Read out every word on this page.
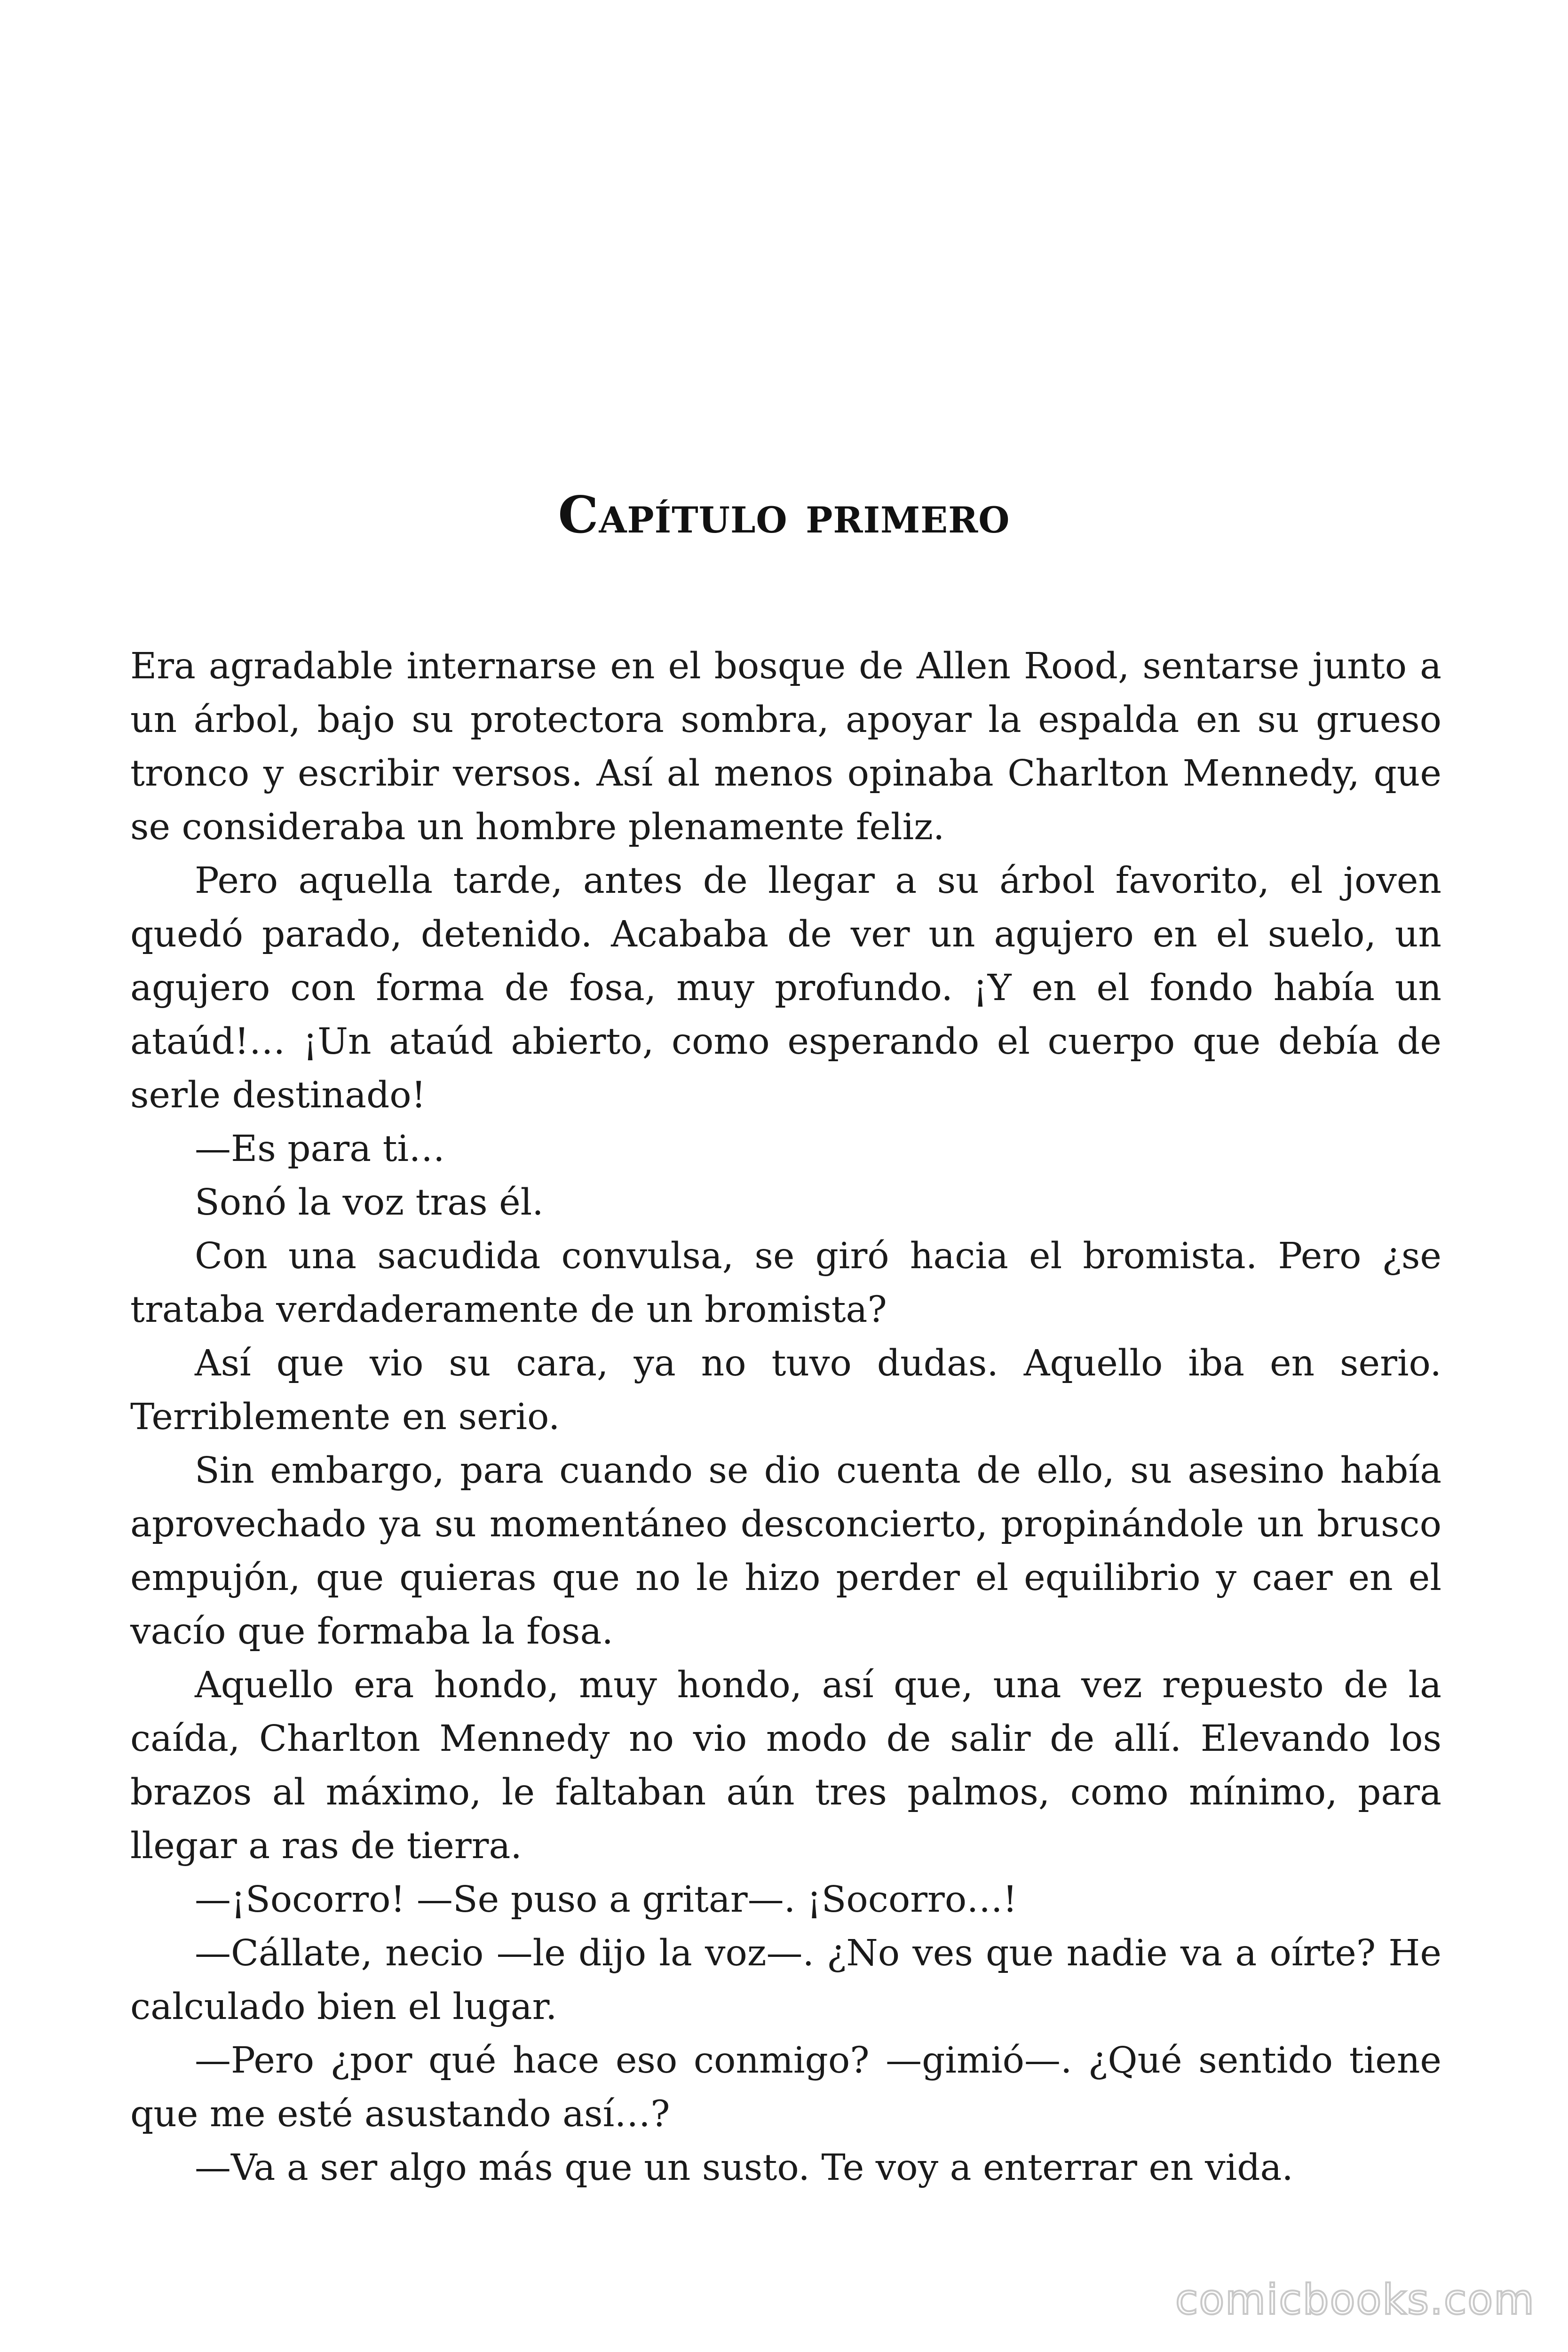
Capítulo primero

Era agradable internarse en el bosque de Allen Rood, sentarse junto a un árbol, bajo su protectora sombra, apoyar la espalda en su grueso tronco y escribir versos. Así al menos opinaba Charlton Mennedy, que se consideraba un hombre plenamente feliz.

Pero aquella tarde, antes de llegar a su árbol favorito, el joven quedó parado, detenido. Acababa de ver un agujero en el suelo, un agujero con forma de fosa, muy profundo. ¡Y en el fondo había un ataúd!… ¡Un ataúd abierto, como esperando el cuerpo que debía de serle destinado!

—Es para ti…

Sonó la voz tras él.

Con una sacudida convulsa, se giró hacia el bromista. Pero ¿se trataba verdaderamente de un bromista?

Así que vio su cara, ya no tuvo dudas. Aquello iba en serio. Terriblemente en serio.

Sin embargo, para cuando se dio cuenta de ello, su asesino había aprovechado ya su momentáneo desconcierto, propinándole un brusco empujón, que quieras que no le hizo perder el equilibrio y caer en el vacío que formaba la fosa.

Aquello era hondo, muy hondo, así que, una vez repuesto de la caída, Charlton Mennedy no vio modo de salir de allí. Elevando los brazos al máximo, le faltaban aún tres palmos, como mínimo, para llegar a ras de tierra.

—¡Socorro! —Se puso a gritar—. ¡Socorro…!

—Cállate, necio —le dijo la voz—. ¿No ves que nadie va a oírte? He calculado bien el lugar.

—Pero ¿por qué hace eso conmigo? —gimió—. ¿Qué sentido tiene que me esté asustando así…?

—Va a ser algo más que un susto. Te voy a enterrar en vida.

comicbooks.com
